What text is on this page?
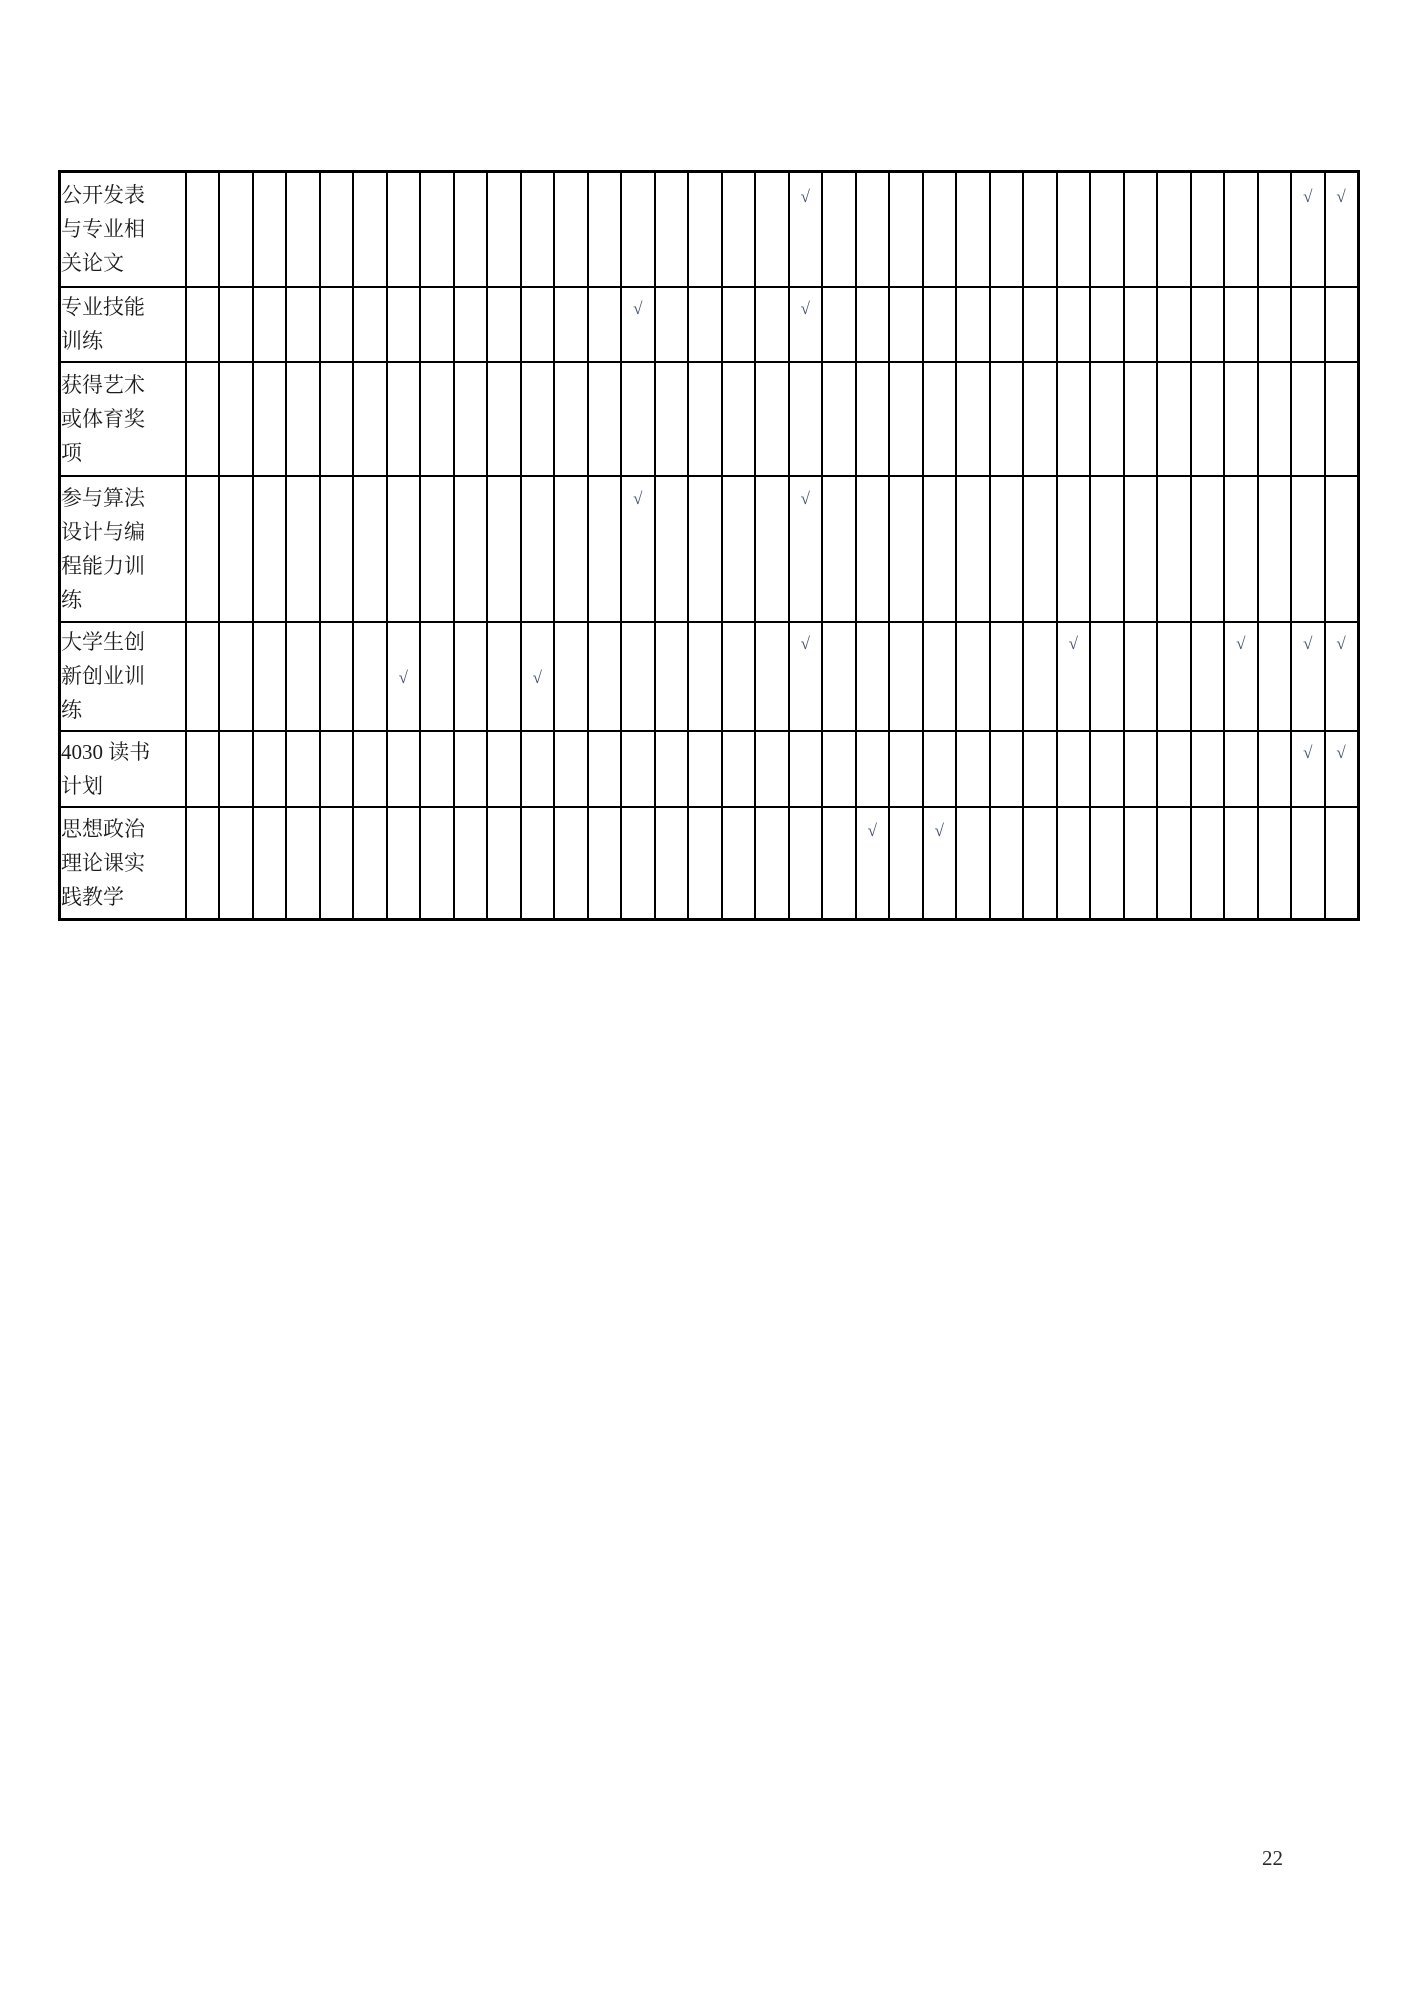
公开发表
与专业相
关论文																			√															√	√

专业技能
训练														√					√																

获得艺术
或体育奖
项																																			

参与算法
设计与编
程能力训
练														√					√																

大学生创
新创业训
练							√				√								√								√					√		√	√

4030 读书
计划																																		√	√

思想政治
理论课实
践教学																					√		√												

22
